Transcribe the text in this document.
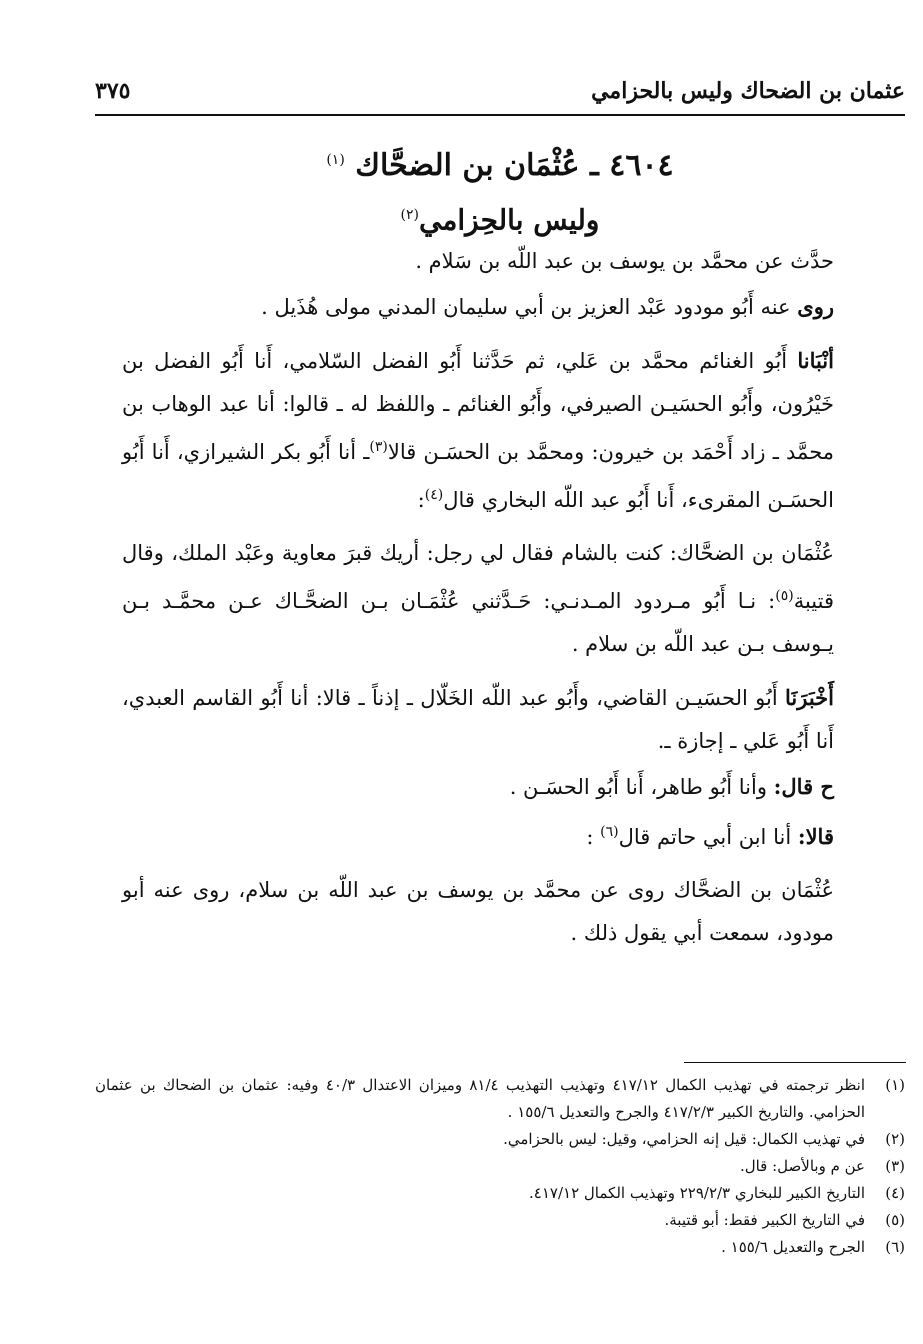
عثمان بن الضحاك وليس بالحزامي
٣٧٥
٤٦٠٤ ـ عُثْمَان بن الضحَّاك $^{(١)}$
وليس بالحِزامي$^{(٢)}$

حدَّث عن محمَّد بن يوسف بن عبد اللّه بن سَلام .

روى عنه أَبُو مودود عَبْد العزيز بن أبي سليمان المدني مولى هُذَيل .

أنْبَانا أَبُو الغنائم محمَّد بن عَلي، ثم حَدَّثنا أَبُو الفضل السّلامي، أَنا أَبُو الفضل بن خَيْرُون، وأَبُو الحسَيـن الصيرفي، وأَبُو الغنائم ـ واللفظ له ـ قالوا: أنا عبد الوهاب بن محمَّد ـ زاد أَحْمَد بن خيرون: ومحمَّد بن الحسَـن قالا$^{(٣)}$ـ أنا أَبُو بكر الشيرازي، أَنا أَبُو الحسَـن المقرىء، أَنا أَبُو عبد اللّه البخاري قال$^{(٤)}$:

عُثْمَان بن الضحَّاك: كنت بالشام فقال لي رجل: أريك قبرَ معاوية وعَبْد الملك، وقال قتيبة$^{(٥)}$: نـا أَبُو مـردود المـدنـي: حَـدَّثني عُثْمَـان بـن الضحَّـاك عـن محمَّـد بـن يـوسف بـن عبد اللّه بن سلام .

أَخْبَرَنَا أَبُو الحسَيـن القاضي، وأَبُو عبد اللّه الخَلّال ـ إذناً ـ قالا: أنا أَبُو القاسم العبدي، أَنا أَبُو عَلي ـ إجازة ـ.

ح قال: وأنا أَبُو طاهر، أَنا أَبُو الحسَـن .

قالا: أنا ابن أبي حاتم قال$^{(٦)}$ :

عُثْمَان بن الضحَّاك روى عن محمَّد بن يوسف بن عبد اللّه بن سلام، روى عنه أبو مودود، سمعت أبي يقول ذلك .

(١)
انظر ترجمته في تهذيب الكمال ٤١٧/١٢ وتهذيب التهذيب ٨١/٤ وميزان الاعتدال ٤٠/٣ وفيه: عثمان بن الضحاك بن عثمان الحزامي. والتاريخ الكبير ٤١٧/٢/٣ والجرح والتعديل ١٥٥/٦ .
(٢)
في تهذيب الكمال: قيل إنه الحزامي، وقيل: ليس بالحزامي.
(٣)
عن م وبالأصل: قال.
(٤)
التاريخ الكبير للبخاري ٢٢٩/٢/٣ وتهذيب الكمال ٤١٧/١٢.
(٥)
في التاريخ الكبير فقط: أبو قتيبة.
(٦)
الجرح والتعديل ١٥٥/٦ .
